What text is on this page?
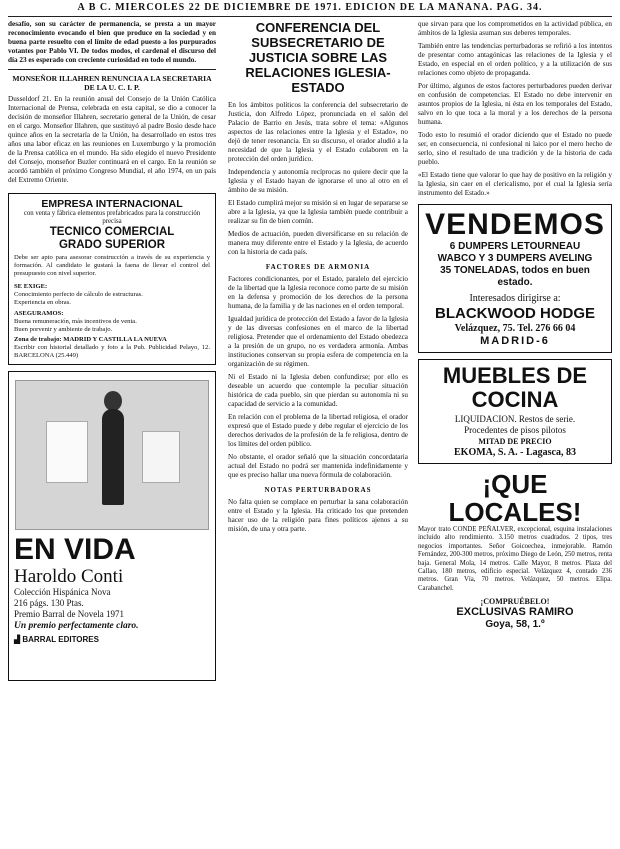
A B C. MIERCOLES 22 DE DICIEMBRE DE 1971. EDICION DE LA MAÑANA. PAG. 34.

desafío, son su carácter de permanencia, se presta a un mayor reconocimiento evocando el bien que produce en la sociedad y en buena parte resuelto con el límite de edad puesto a los purpurados votantes por Pablo VI. De todos modos, el cardenal el discurso del día 23 es esperado con creciente curiosidad en todo el mundo.

MONSEÑOR ILLAHREN RENUNCIA A LA SECRETARIA DE LA U. C. I. P.

Dusseldorf 21. En la reunión anual del Consejo de la Unión Católica Internacional de Prensa, celebrada en esta capital, se dio a conocer la decisión de monseñor Illahren, secretario general de la Unión, de cesar en el cargo. Monseñor Illahren, que sustituyó al padre Bosio desde hace quince años en la secretaría de la Unión, ha desarrollado en estos tres años una labor eficaz en las reuniones en Luxemburgo y la promoción de la Prensa católica en el mundo. Ha sido elegido el nuevo Presidente del Consejo, monseñor Buzler continuará en el cargo. En la reunión se acordó también el próximo Congreso Mundial, el año 1974, en un país del Extremo Oriente.

EMPRESA INTERNACIONAL
con venta y fábrica elementos prefabricados para la construcción precisa
TECNICO COMERCIAL
GRADO SUPERIOR

Debe ser apto para asesorar construcción a través de su experiencia y formación. Al candidato le gustará la faena de llevar el control del presupuesto con nivel superior.

SE EXIGE:
Conocimiento perfecto de cálculo de estructuras.
Experiencia en obras.
ASEGURAMOS:
Buena remuneración, más incentivos de venta.
Buen porvenir y ambiente de trabajo.
Zona de trabajo: MADRID Y CASTILLA LA NUEVA
Escribir con historial detallado y foto a la Pub. Publicidad Pelayo, 12. BARCELONA (25.449)
EN VIDA
Haroldo Conti
Colección Hispánica Nova
216 págs. 130 Ptas.
Premio Barral de Novela 1971
Un premio perfectamente claro.
▟ BARRAL EDITORES
CONFERENCIA DEL SUBSECRETARIO DE JUSTICIA SOBRE LAS RELACIONES IGLESIA-ESTADO

En los ámbitos políticos la conferencia del subsecretario de Justicia, don Alfredo López, pronunciada en el salón del Palacio de Barrio en Jesús, trata sobre el tema: «Algunos aspectos de las relaciones entre la Iglesia y el Estado», no dejó de tener resonancia. En su discurso, el orador aludió a la necesidad de que la Iglesia y el Estado colaboren en la protección del orden jurídico.

Independencia y autonomía recíprocas no quiere decir que la Iglesia y el Estado hayan de ignorarse el uno al otro en el ámbito de su misión.

El Estado cumplirá mejor su misión si en lugar de separarse se abre a la Iglesia, ya que la Iglesia también puede contribuir a realizar su fin de bien común.

Medios de actuación, pueden diversificarse en su relación de manera muy diferente entre el Estado y la Iglesia, de acuerdo con la historia de cada país.

FACTORES DE ARMONIA

Factores condicionantes, por el Estado, paralelo del ejercicio de la libertad que la Iglesia reconoce como parte de su misión en la defensa y promoción de los derechos de la persona humana, de la familia y de las naciones en el orden temporal.

Igualdad jurídica de protección del Estado a favor de la Iglesia y de las diversas confesiones en el marco de la libertad religiosa. Pretender que el ordenamiento del Estado obedezca a la presión de un grupo, no es verdadera armonía. Ambas instituciones conservan su propia esfera de competencia en la organización de su régimen.

Ni el Estado ni la Iglesia deben confundirse; por ello es deseable un acuerdo que contemple la peculiar situación histórica de cada pueblo, sin que pierdan su autonomía ni su capacidad de servicio a la comunidad.

En relación con el problema de la libertad religiosa, el orador expresó que el Estado puede y debe regular el ejercicio de los derechos derivados de la profesión de la fe religiosa, dentro de los límites del orden público.

No obstante, el orador señaló que la situación concordataria actual del Estado no podrá ser mantenida indefinidamente y que es preciso hallar una nueva fórmula de colaboración.

NOTAS PERTURBADORAS

No falta quien se complace en perturbar la sana colaboración entre el Estado y la Iglesia. Ha criticado los que pretenden hacer uso de la religión para fines políticos ajenos a su misión, de una y otra parte.

que sirvan para que los comprometidos en la actividad pública, en ámbitos de la Iglesia asuman sus deberes temporales.

También entre las tendencias perturbadoras se refirió a los intentos de presentar como antagónicas las relaciones de la Iglesia y el Estado, en especial en el orden político, y a la utilización de sus relaciones como objeto de propaganda.

Por último, algunos de estos factores perturbadores pueden derivar en confusión de competencias. El Estado no debe intervenir en asuntos propios de la Iglesia, ni ésta en los temporales del Estado, salvo en lo que toca a la moral y a los derechos de la persona humana.

Todo esto lo resumió el orador diciendo que el Estado no puede ser, en consecuencia, ni confesional ni laico por el mero hecho de serlo, sino el resultado de una tradición y de la historia de cada pueblo.

«El Estado tiene que valorar lo que hay de positivo en la religión y la Iglesia, sin caer en el clericalismo, por el cual la Iglesia sería instrumento del Estado.»

VENDEMOS
6 DUMPERS LETOURNEAU
WABCO Y 3 DUMPERS AVELING
35 TONELADAS, todos en buen estado.
Interesados dirigirse a:
BLACKWOOD HODGE
Velázquez, 75. Tel. 276 66 04
MADRID-6
MUEBLES DE
COCINA
LIQUIDACION. Restos de serie.
Procedentes de pisos pilotos
MITAD DE PRECIO
EKOMA, S. A. - Lagasca, 83
¡QUE LOCALES!

Mayor trato CONDE PEÑALVER, excepcional, esquina instalaciones incluido alto rendimiento. 3.150 metros cuadrados. 2 tipos, tres negocios importantes. Señor Goicoechea, inmejorable. Ramón Fernández, 200-300 metros, próximo Diego de León, 250 metros, renta baja. General Mola, 14 metros. Calle Mayor, 8 metros. Plaza del Callao, 180 metros, edificio especial. Velázquez 4, contado 236 metros. Gran Vía, 70 metros. Velázquez, 50 metros. Elipa. Carabanchel.

¡COMPRUÉBELO!
EXCLUSIVAS RAMIRO
Goya, 58, 1.º
